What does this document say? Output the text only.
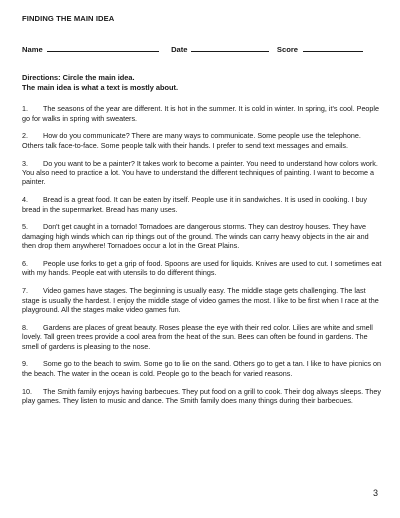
FINDING THE MAIN IDEA
Name	Date	Score
Directions: Circle the main idea.
The main idea is what a text is mostly about.

1. The seasons of the year are different. It is hot in the summer. It is cold in winter. In spring, it's cool. People go for walks in spring with sweaters.

2. How do you communicate? There are many ways to communicate. Some people use the telephone. Others talk face-to-face. Some people talk with their hands. I prefer to send text messages and emails.

3. Do you want to be a painter? It takes work to become a painter. You need to understand how colors work. You also need to practice a lot. You have to understand the different techniques of painting. I want to become a painter.

4. Bread is a great food. It can be eaten by itself. People use it in sandwiches. It is used in cooking. I buy bread in the supermarket. Bread has many uses.

5. Don't get caught in a tornado! Tornadoes are dangerous storms. They can destroy houses. They have damaging high winds which can rip things out of the ground. The winds can carry heavy objects in the air and then drop them anywhere! Tornadoes occur a lot in the Great Plains.

6. People use forks to get a grip of food. Spoons are used for liquids. Knives are used to cut. I sometimes eat with my hands. People eat with utensils to do different things.

7. Video games have stages. The beginning is usually easy. The middle stage gets challenging. The last stage is usually the hardest. I enjoy the middle stage of video games the most. I like to be first when I race at the playground. All the stages make video games fun.

8. Gardens are places of great beauty. Roses please the eye with their red color. Lilies are white and smell lovely. Tall green trees provide a cool area from the heat of the sun. Bees can often be found in gardens. The smell of gardens is pleasing to the nose.

9. Some go to the beach to swim. Some go to lie on the sand. Others go to get a tan. I like to have picnics on the beach. The water in the ocean is cold. People go to the beach for varied reasons.

10. The Smith family enjoys having barbecues. They put food on a grill to cook. Their dog always sleeps. They play games. They listen to music and dance. The Smith family does many things during their barbecues.

3
